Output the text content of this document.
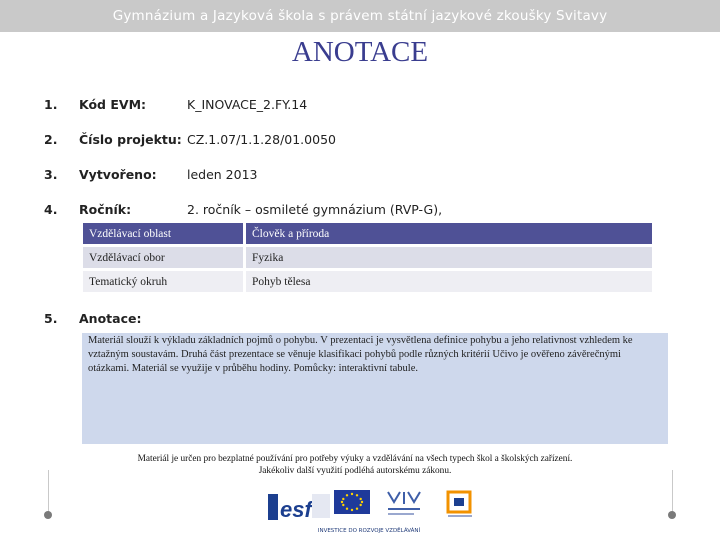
Gymnázium a Jazyková škola s právem státní jazykové zkoušky Svitavy
ANOTACE
1. Kód EVM:	K_INOVACE_2.FY.14
2. Číslo projektu: CZ.1.07/1.1.28/01.0050
3. Vytvořeno: leden 2013
4. Ročník:	2. ročník – osmileté gymnázium (RVP-G),
Vzdělávací oblast	Člověk a příroda
Vzdělávací obor	Fyzika
Tematický okruh	Pohyb tělesa
5. Anotace:
Materiál slouží k výkladu základních pojmů o pohybu. V prezentaci je vysvětlena definice pohybu a jeho relativnost vzhledem ke vztažným soustavám. Druhá část prezentace se věnuje klasifikaci pohybů podle různých kritérií Učivo je ověřeno závěrečnými otázkami. Materiál se využije v průběhu hodiny. Pomůcky: interaktivní tabule.
Materiál je určen pro bezplatné používání pro potřeby výuky a vzdělávání na všech typech škol a školských zařízení.
Jakékoliv další využití podléhá autorskému zákonu.
esf
INVESTICE DO ROZVOJE VZDĚLÁVÁNÍ
